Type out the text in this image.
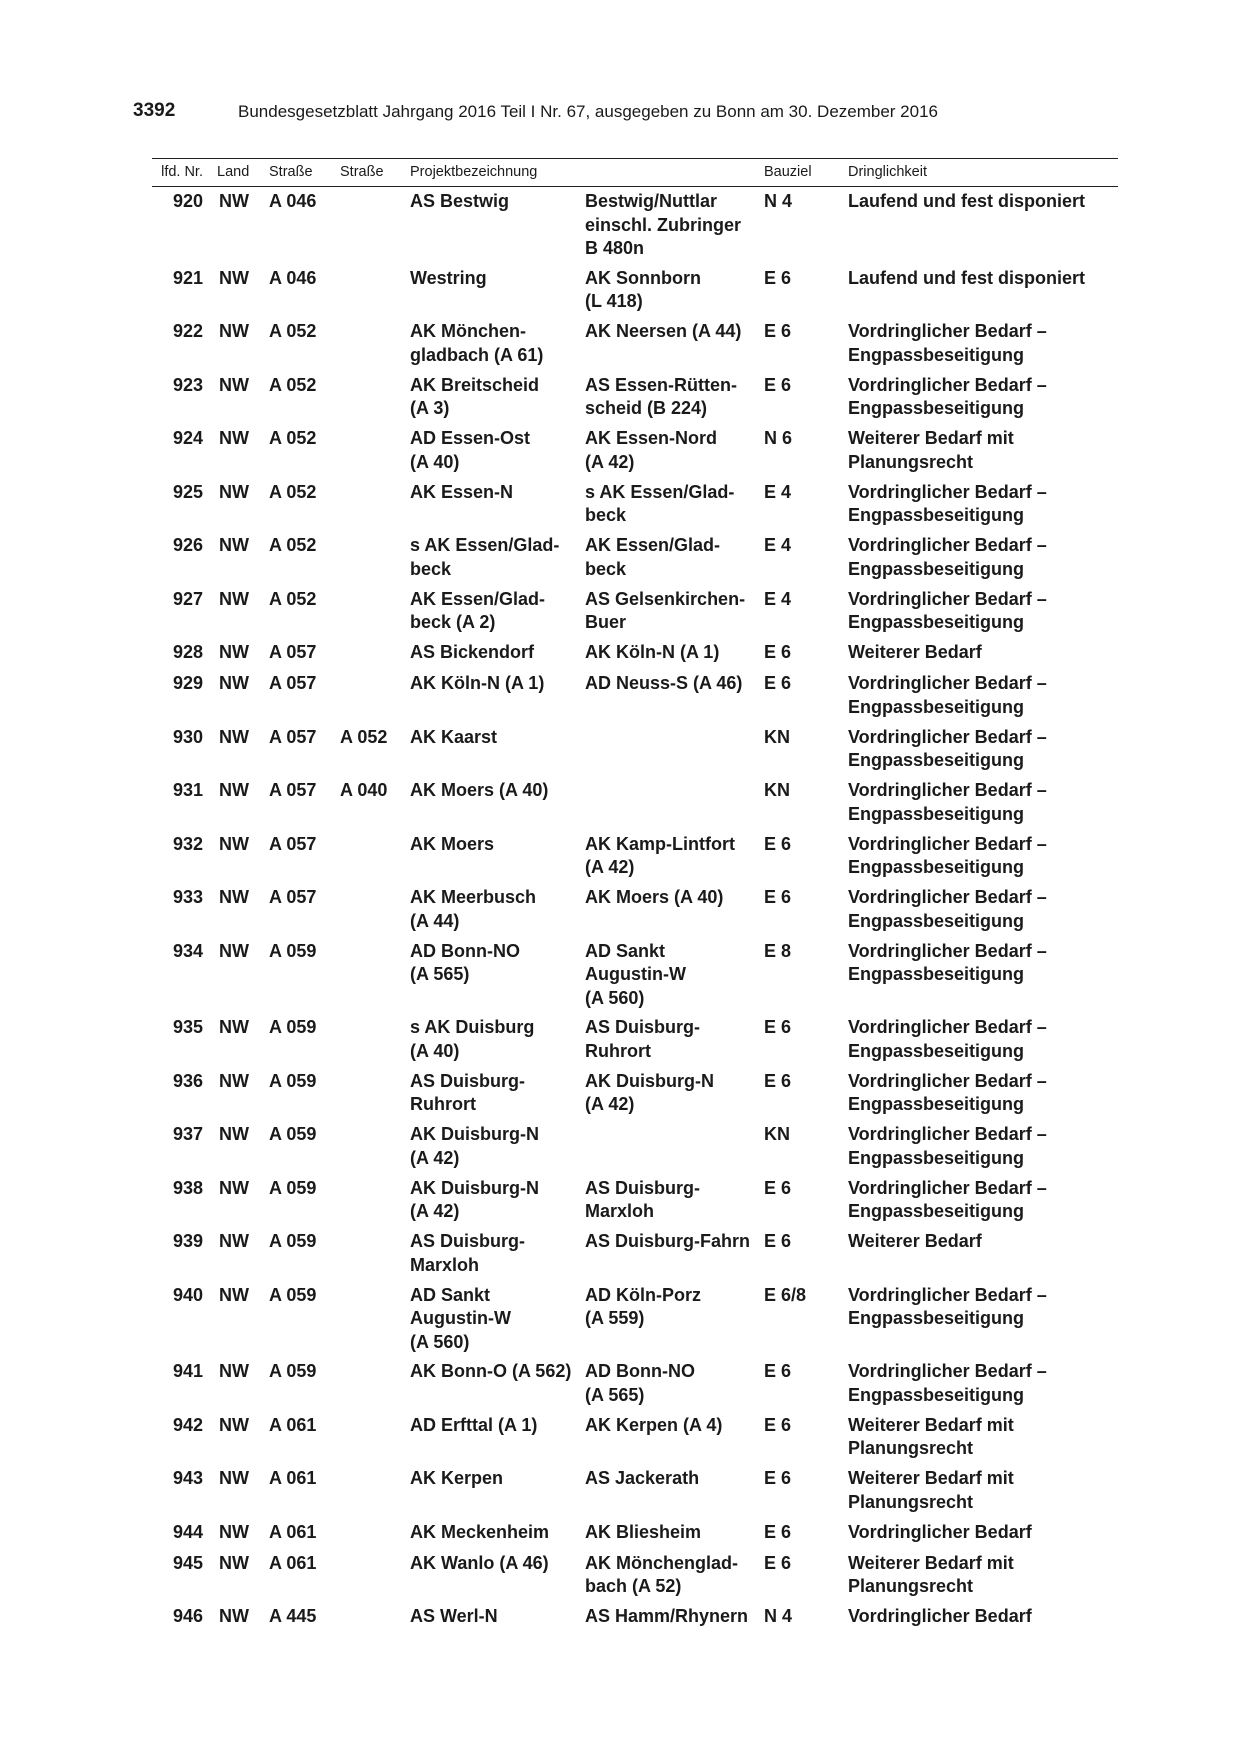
3392	Bundesgesetzblatt Jahrgang 2016 Teil I Nr. 67, ausgegeben zu Bonn am 30. Dezember 2016
lfd. Nr.	Land	Straße	Straße	Projektbezeichnung		Bauziel	Dringlichkeit

920	NW	A 046		AS Bestwig	Bestwig/Nuttlar
einschl. Zubringer
B 480n	N 4	Laufend und fest disponiert

921	NW	A 046		Westring	AK Sonnborn
(L 418)	E 6	Laufend und fest disponiert

922	NW	A 052		AK Mönchen-
gladbach (A 61)	AK Neersen (A 44)	E 6	Vordringlicher Bedarf –
Engpassbeseitigung

923	NW	A 052		AK Breitscheid
(A 3)	AS Essen-Rütten-
scheid (B 224)	E 6	Vordringlicher Bedarf –
Engpassbeseitigung

924	NW	A 052		AD Essen-Ost
(A 40)	AK Essen-Nord
(A 42)	N 6	Weiterer Bedarf mit
Planungsrecht

925	NW	A 052		AK Essen-N	s AK Essen/Glad-
beck	E 4	Vordringlicher Bedarf –
Engpassbeseitigung

926	NW	A 052		s AK Essen/Glad-
beck	AK Essen/Glad-
beck	E 4	Vordringlicher Bedarf –
Engpassbeseitigung

927	NW	A 052		AK Essen/Glad-
beck (A 2)	AS Gelsenkirchen-
Buer	E 4	Vordringlicher Bedarf –
Engpassbeseitigung

928	NW	A 057		AS Bickendorf	AK Köln-N (A 1)	E 6	Weiterer Bedarf

929	NW	A 057		AK Köln-N (A 1)	AD Neuss-S (A 46)	E 6	Vordringlicher Bedarf –
Engpassbeseitigung

930	NW	A 057	A 052	AK Kaarst		KN	Vordringlicher Bedarf –
Engpassbeseitigung

931	NW	A 057	A 040	AK Moers (A 40)		KN	Vordringlicher Bedarf –
Engpassbeseitigung

932	NW	A 057		AK Moers	AK Kamp-Lintfort
(A 42)	E 6	Vordringlicher Bedarf –
Engpassbeseitigung

933	NW	A 057		AK Meerbusch
(A 44)	AK Moers (A 40)	E 6	Vordringlicher Bedarf –
Engpassbeseitigung

934	NW	A 059		AD Bonn-NO
(A 565)	AD Sankt
Augustin-W
(A 560)	E 8	Vordringlicher Bedarf –
Engpassbeseitigung

935	NW	A 059		s AK Duisburg
(A 40)	AS Duisburg-
Ruhrort	E 6	Vordringlicher Bedarf –
Engpassbeseitigung

936	NW	A 059		AS Duisburg-
Ruhrort	AK Duisburg-N
(A 42)	E 6	Vordringlicher Bedarf –
Engpassbeseitigung

937	NW	A 059		AK Duisburg-N
(A 42)		KN	Vordringlicher Bedarf –
Engpassbeseitigung

938	NW	A 059		AK Duisburg-N
(A 42)	AS Duisburg-
Marxloh	E 6	Vordringlicher Bedarf –
Engpassbeseitigung

939	NW	A 059		AS Duisburg-
Marxloh	AS Duisburg-Fahrn	E 6	Weiterer Bedarf

940	NW	A 059		AD Sankt
Augustin-W
(A 560)	AD Köln-Porz
(A 559)	E 6/8	Vordringlicher Bedarf –
Engpassbeseitigung

941	NW	A 059		AK Bonn-O (A 562)	AD Bonn-NO
(A 565)	E 6	Vordringlicher Bedarf –
Engpassbeseitigung

942	NW	A 061		AD Erfttal (A 1)	AK Kerpen (A 4)	E 6	Weiterer Bedarf mit
Planungsrecht

943	NW	A 061		AK Kerpen	AS Jackerath	E 6	Weiterer Bedarf mit
Planungsrecht

944	NW	A 061		AK Meckenheim	AK Bliesheim	E 6	Vordringlicher Bedarf

945	NW	A 061		AK Wanlo (A 46)	AK Mönchenglad-
bach (A 52)	E 6	Weiterer Bedarf mit
Planungsrecht

946	NW	A 445		AS Werl-N	AS Hamm/Rhynern	N 4	Vordringlicher Bedarf
